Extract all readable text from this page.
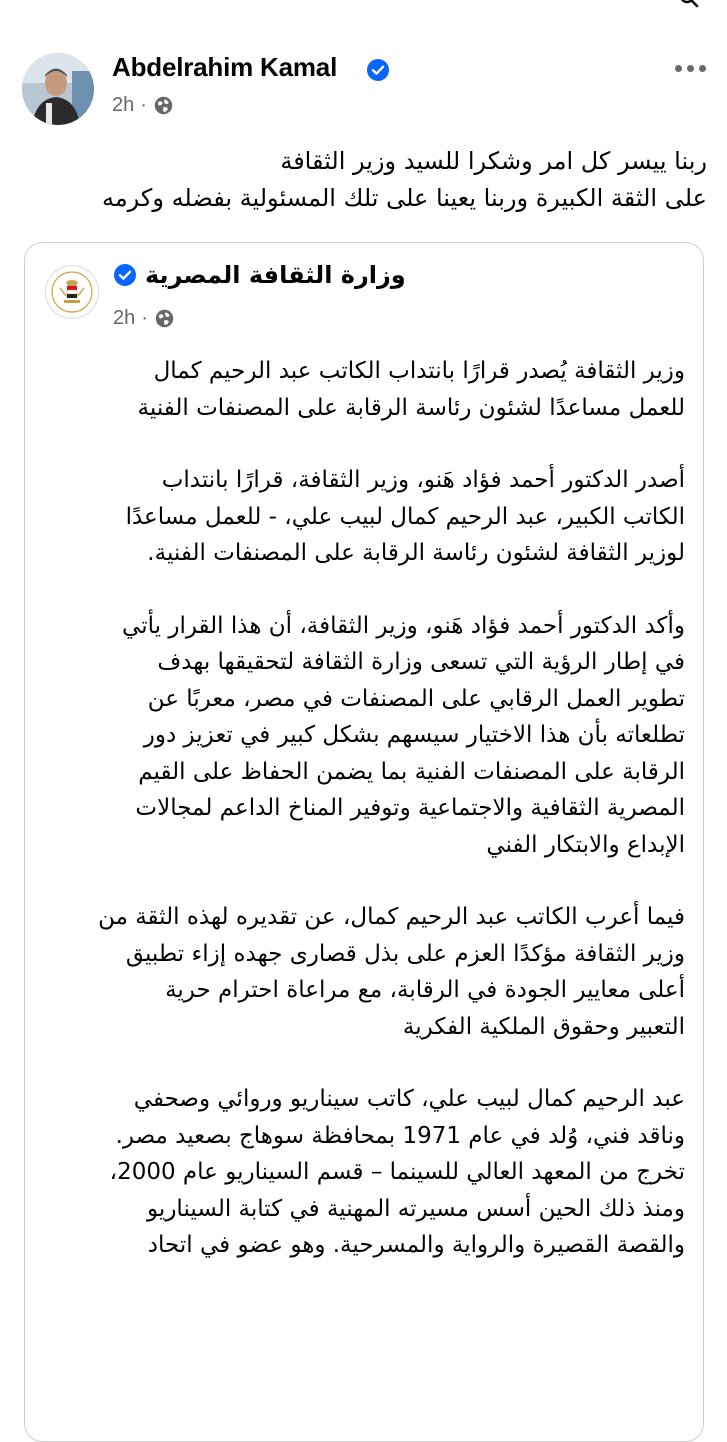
Abdelrahim Kamal
2h ·
ربنا ييسر كل امر وشكرا للسيد وزير الثقافة
على الثقة الكبيرة وربنا يعينا على تلك المسئولية بفضله وكرمه
وزارة الثقافة المصرية
2h ·
وزير الثقافة يُصدر قرارًا بانتداب الكاتب عبد الرحيم كمال
للعمل مساعدًا لشئون رئاسة الرقابة على المصنفات الفنية
أصدر الدكتور أحمد فؤاد هَنو، وزير الثقافة، قرارًا بانتداب
الكاتب الكبير، عبد الرحيم كمال لبيب علي، - للعمل مساعدًا
لوزير الثقافة لشئون رئاسة الرقابة على المصنفات الفنية.
وأكد الدكتور أحمد فؤاد هَنو، وزير الثقافة، أن هذا القرار يأتي
في إطار الرؤية التي تسعى وزارة الثقافة لتحقيقها بهدف
تطوير العمل الرقابي على المصنفات في مصر، معربًا عن
تطلعاته بأن هذا الاختيار سيسهم بشكل كبير في تعزيز دور
الرقابة على المصنفات الفنية بما يضمن الحفاظ على القيم
المصرية الثقافية والاجتماعية وتوفير المناخ الداعم لمجالات
الإبداع والابتكار الفني
فيما أعرب الكاتب عبد الرحيم كمال، عن تقديره لهذه الثقة من
وزير الثقافة مؤكدًا العزم على بذل قصارى جهده إزاء تطبيق
أعلى معايير الجودة في الرقابة، مع مراعاة احترام حرية
التعبير وحقوق الملكية الفكرية
عبد الرحيم كمال لبيب علي، كاتب سيناريو وروائي وصحفي
وناقد فني، وُلد في عام 1971 بمحافظة سوهاج بصعيد مصر.
تخرج من المعهد العالي للسينما – قسم السيناريو عام 2000،
ومنذ ذلك الحين أسس مسيرته المهنية في كتابة السيناريو
والقصة القصيرة والرواية والمسرحية. وهو عضو في اتحاد
